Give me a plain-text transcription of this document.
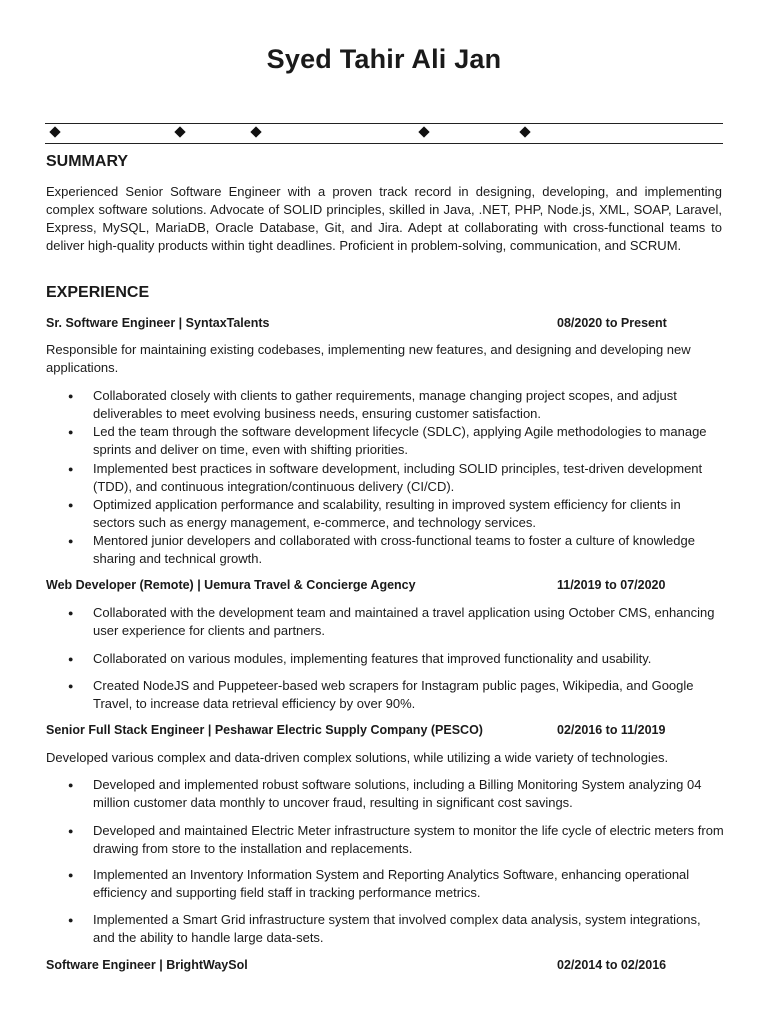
Syed Tahir Ali Jan
SUMMARY
Experienced Senior Software Engineer with a proven track record in designing, developing, and implementing complex software solutions. Advocate of SOLID principles, skilled in Java, .NET, PHP, Node.js, XML, SOAP, Laravel, Express, MySQL, MariaDB, Oracle Database, Git, and Jira. Adept at collaborating with cross-functional teams to deliver high-quality products within tight deadlines. Proficient in problem-solving, communication, and SCRUM.
EXPERIENCE
Sr. Software Engineer | SyntaxTalents	08/2020 to Present
Responsible for maintaining existing codebases, implementing new features, and designing and developing new applications.
● Collaborated closely with clients to gather requirements, manage changing project scopes, and adjust deliverables to meet evolving business needs, ensuring customer satisfaction.
● Led the team through the software development lifecycle (SDLC), applying Agile methodologies to manage sprints and deliver on time, even with shifting priorities.
● Implemented best practices in software development, including SOLID principles, test-driven development (TDD), and continuous integration/continuous delivery (CI/CD).
● Optimized application performance and scalability, resulting in improved system efficiency for clients in sectors such as energy management, e-commerce, and technology services.
● Mentored junior developers and collaborated with cross-functional teams to foster a culture of knowledge sharing and technical growth.
Web Developer (Remote) | Uemura Travel & Concierge Agency	11/2019 to 07/2020
● Collaborated with the development team and maintained a travel application using October CMS, enhancing user experience for clients and partners.
● Collaborated on various modules, implementing features that improved functionality and usability.
● Created NodeJS and Puppeteer-based web scrapers for Instagram public pages, Wikipedia, and Google Travel, to increase data retrieval efficiency by over 90%.
Senior Full Stack Engineer | Peshawar Electric Supply Company (PESCO)	02/2016 to 11/2019
Developed various complex and data-driven complex solutions, while utilizing a wide variety of technologies.
● Developed and implemented robust software solutions, including a Billing Monitoring System analyzing 04 million customer data monthly to uncover fraud, resulting in significant cost savings.
● Developed and maintained Electric Meter infrastructure system to monitor the life cycle of electric meters from drawing from store to the installation and replacements.
● Implemented an Inventory Information System and Reporting Analytics Software, enhancing operational efficiency and supporting field staff in tracking performance metrics.
● Implemented a Smart Grid infrastructure system that involved complex data analysis, system integrations, and the ability to handle large data-sets.
Software Engineer | BrightWaySol	02/2014 to 02/2016
